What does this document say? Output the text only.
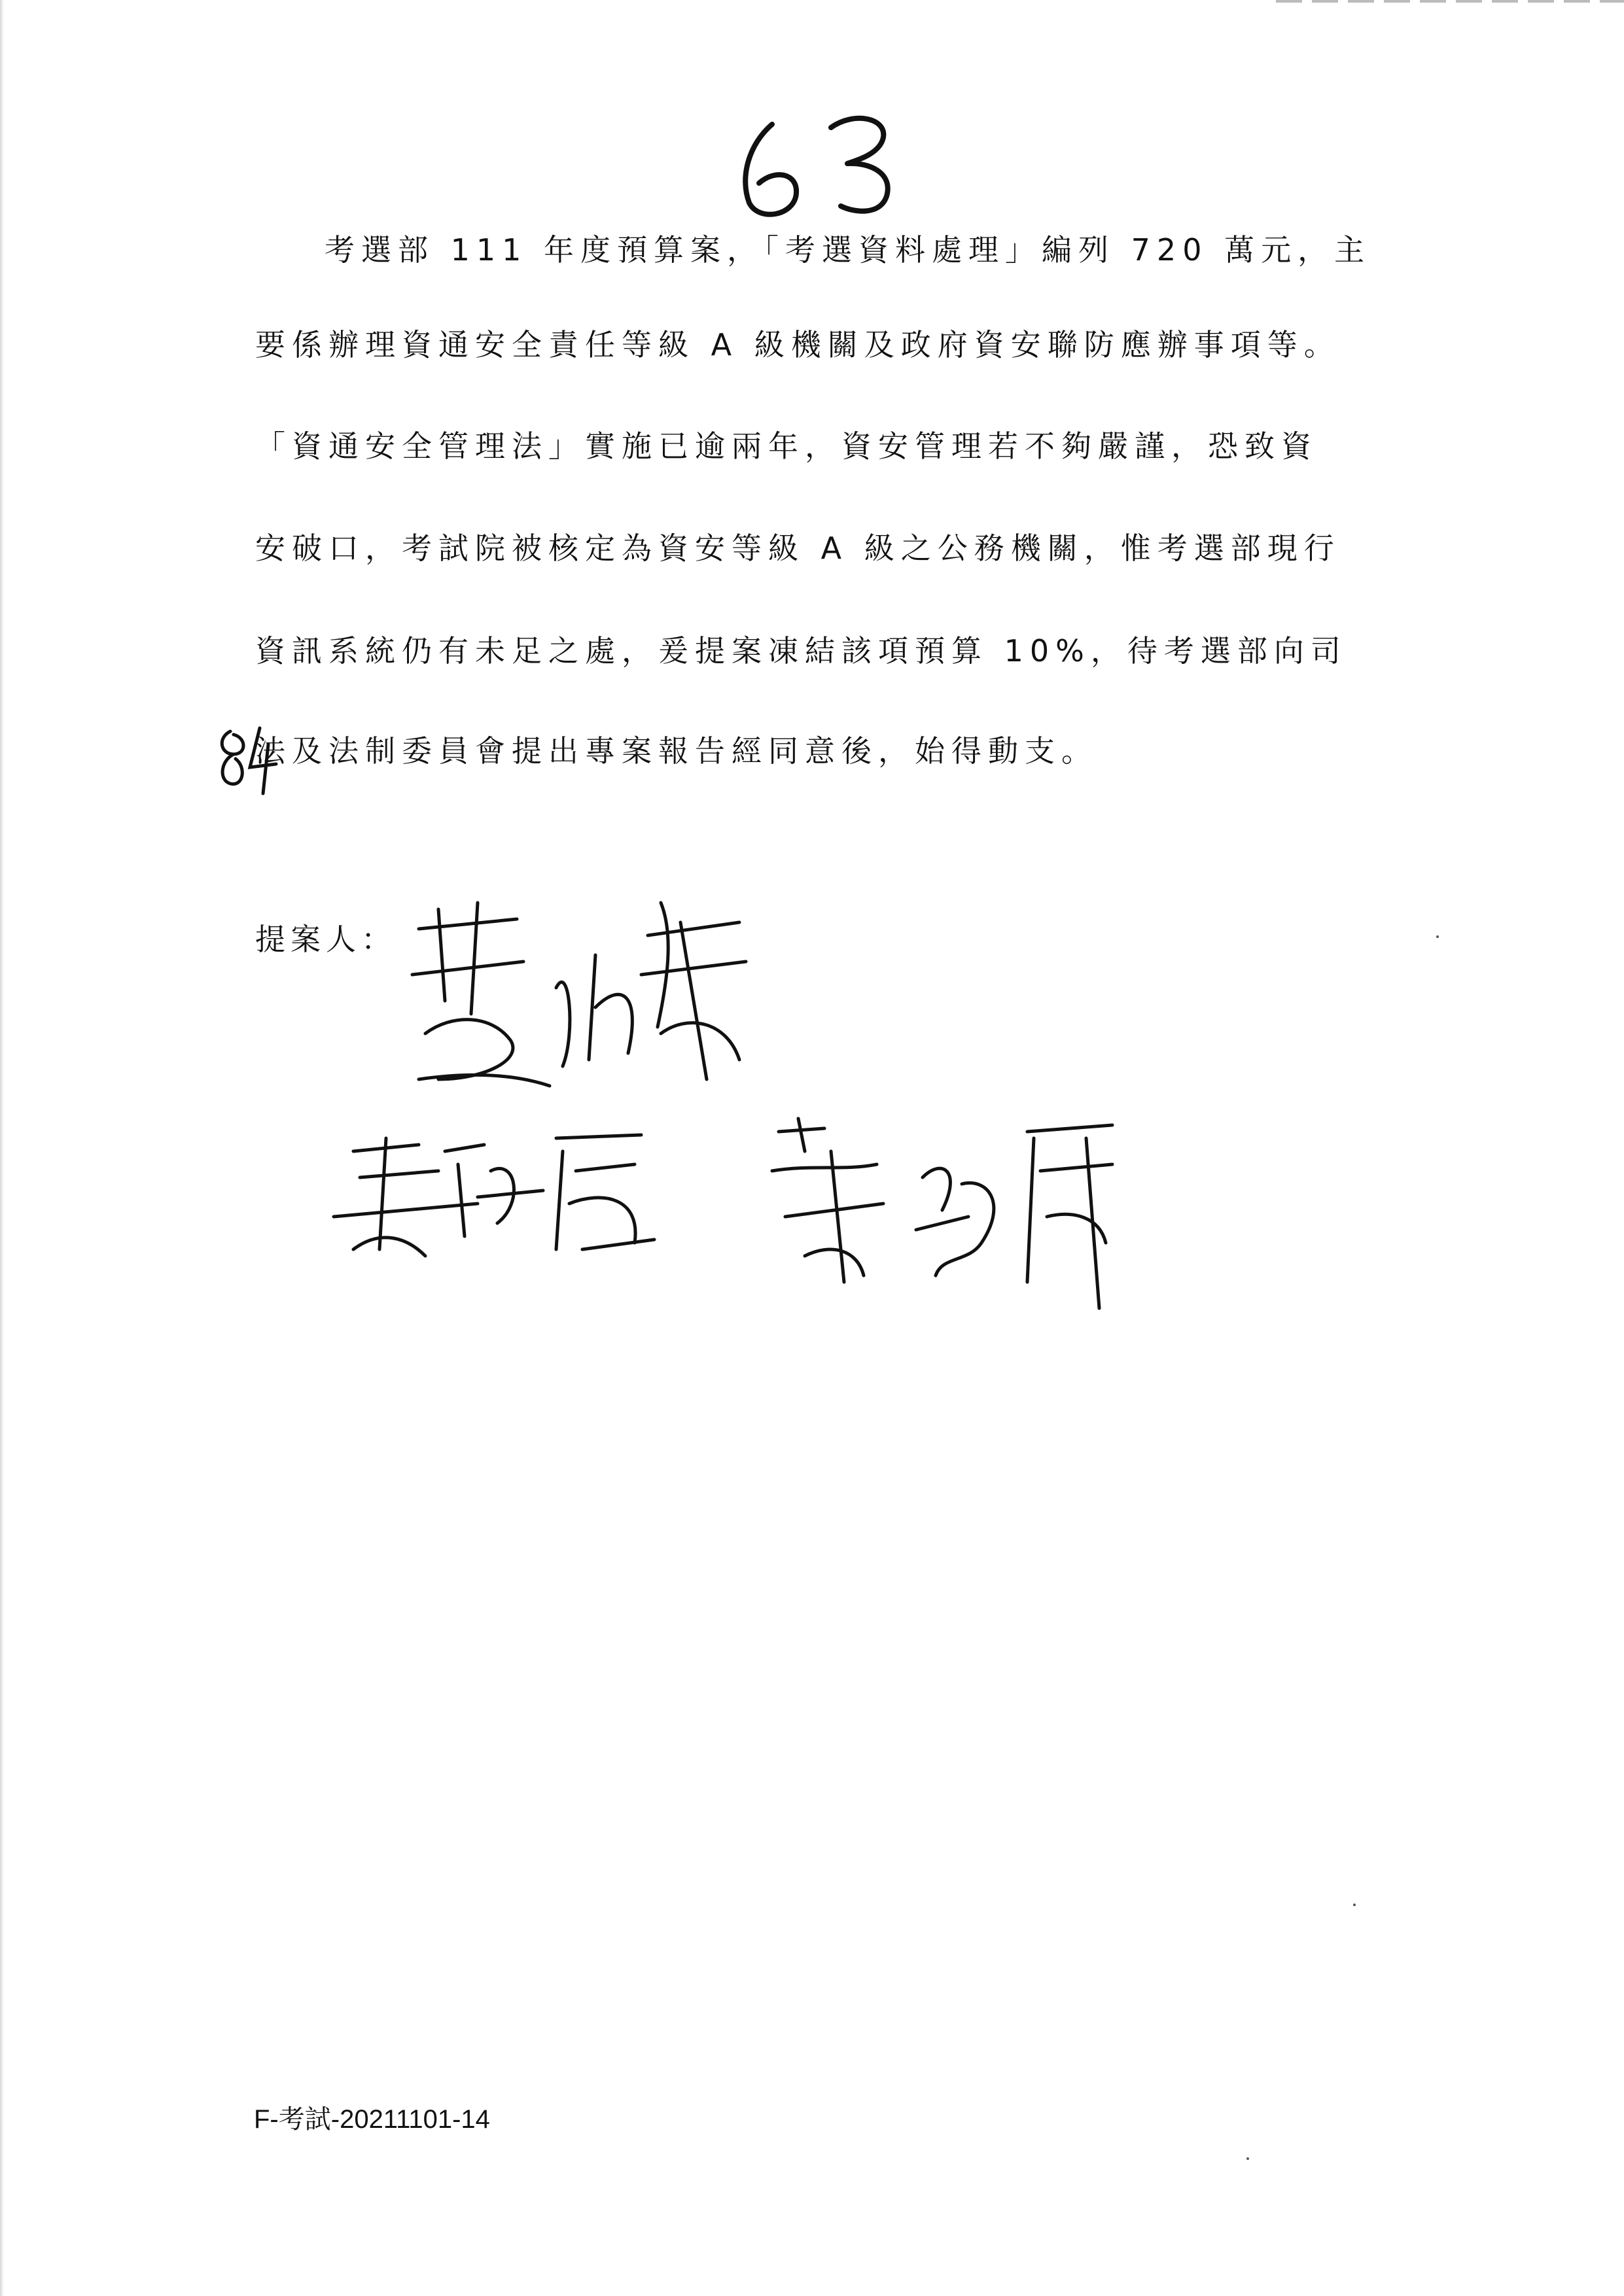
考選部 111 年度預算案，「考選資料處理」編列 720 萬元，主
要係辦理資通安全責任等級 A 級機關及政府資安聯防應辦事項等。
「資通安全管理法」實施已逾兩年，資安管理若不夠嚴謹，恐致資
安破口，考試院被核定為資安等級 A 級之公務機關，惟考選部現行
資訊系統仍有未足之處，爰提案凍結該項預算 10%，待考選部向司
法及法制委員會提出專案報告經同意後，始得動支。
提案人：
F-考試-20211101-14
